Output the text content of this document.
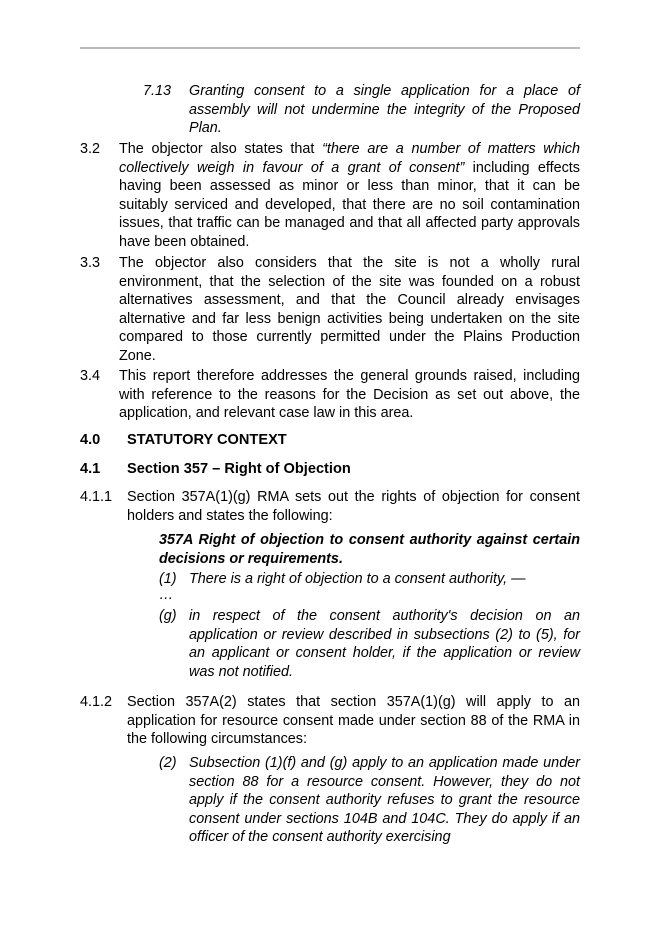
7.13 Granting consent to a single application for a place of assembly will not undermine the integrity of the Proposed Plan.
3.2 The objector also states that “there are a number of matters which collectively weigh in favour of a grant of consent” including effects having been assessed as minor or less than minor, that it can be suitably serviced and developed, that there are no soil contamination issues, that traffic can be managed and that all affected party approvals have been obtained.
3.3 The objector also considers that the site is not a wholly rural environment, that the selection of the site was founded on a robust alternatives assessment, and that the Council already envisages alternative and far less benign activities being undertaken on the site compared to those currently permitted under the Plains Production Zone.
3.4 This report therefore addresses the general grounds raised, including with reference to the reasons for the Decision as set out above, the application, and relevant case law in this area.
4.0 STATUTORY CONTEXT
4.1 Section 357 – Right of Objection
4.1.1 Section 357A(1)(g) RMA sets out the rights of objection for consent holders and states the following:
357A Right of objection to consent authority against certain decisions or requirements.
(1) There is a right of objection to a consent authority, —
…
(g) in respect of the consent authority's decision on an application or review described in subsections (2) to (5), for an applicant or consent holder, if the application or review was not notified.
4.1.2 Section 357A(2) states that section 357A(1)(g) will apply to an application for resource consent made under section 88 of the RMA in the following circumstances:
(2) Subsection (1)(f) and (g) apply to an application made under section 88 for a resource consent. However, they do not apply if the consent authority refuses to grant the resource consent under sections 104B and 104C. They do apply if an officer of the consent authority exercising
